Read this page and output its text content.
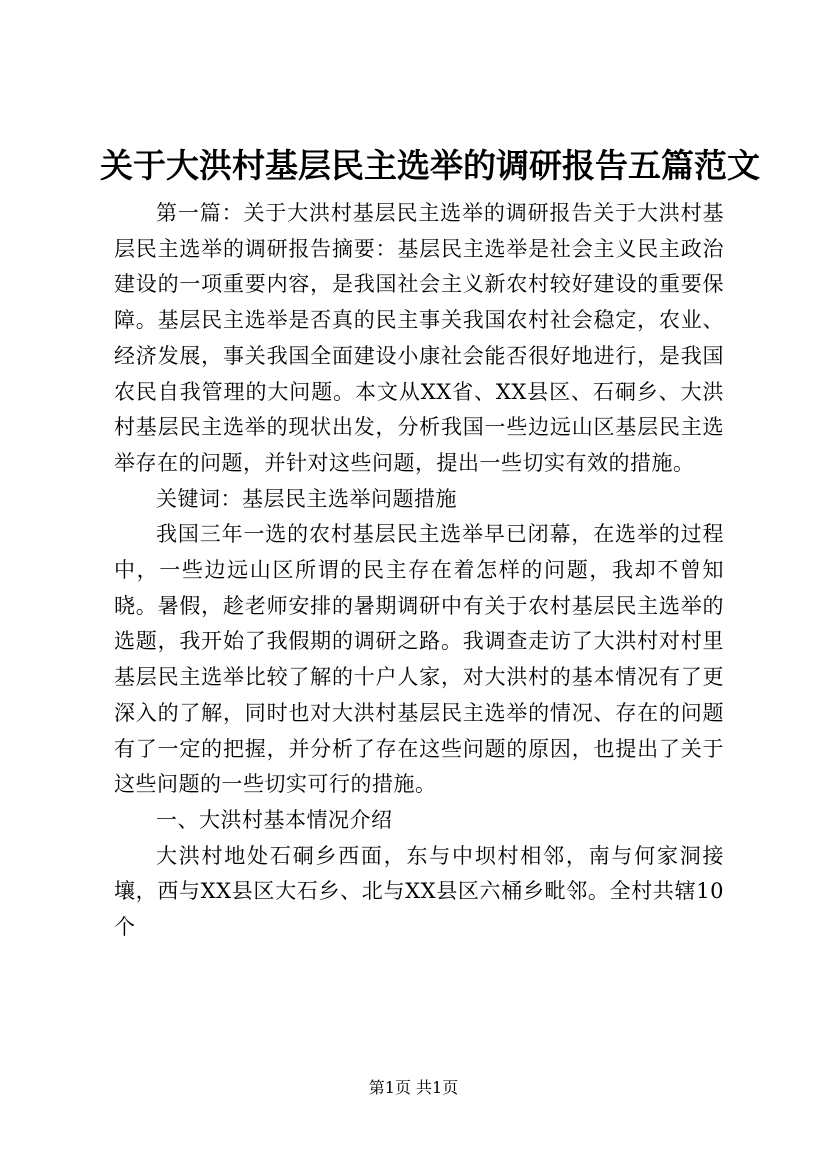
关于大洪村基层民主选举的调研报告五篇范文

第一篇：关于大洪村基层民主选举的调研报告关于大洪村基层民主选举的调研报告摘要：基层民主选举是社会主义民主政治建设的一项重要内容，是我国社会主义新农村较好建设的重要保障。基层民主选举是否真的民主事关我国农村社会稳定，农业、经济发展，事关我国全面建设小康社会能否很好地进行，是我国农民自我管理的大问题。本文从XX省、XX县区、石硐乡、大洪村基层民主选举的现状出发，分析我国一些边远山区基层民主选举存在的问题，并针对这些问题，提出一些切实有效的措施。

关键词：基层民主选举问题措施

我国三年一选的农村基层民主选举早已闭幕，在选举的过程中，一些边远山区所谓的民主存在着怎样的问题，我却不曾知晓。暑假，趁老师安排的暑期调研中有关于农村基层民主选举的选题，我开始了我假期的调研之路。我调查走访了大洪村对村里基层民主选举比较了解的十户人家，对大洪村的基本情况有了更深入的了解，同时也对大洪村基层民主选举的情况、存在的问题有了一定的把握，并分析了存在这些问题的原因，也提出了关于这些问题的一些切实可行的措施。

一、大洪村基本情况介绍

大洪村地处石硐乡西面，东与中坝村相邻，南与何家洞接壤，西与XX县区大石乡、北与XX县区六桶乡毗邻。全村共辖10个

第1页 共1页
